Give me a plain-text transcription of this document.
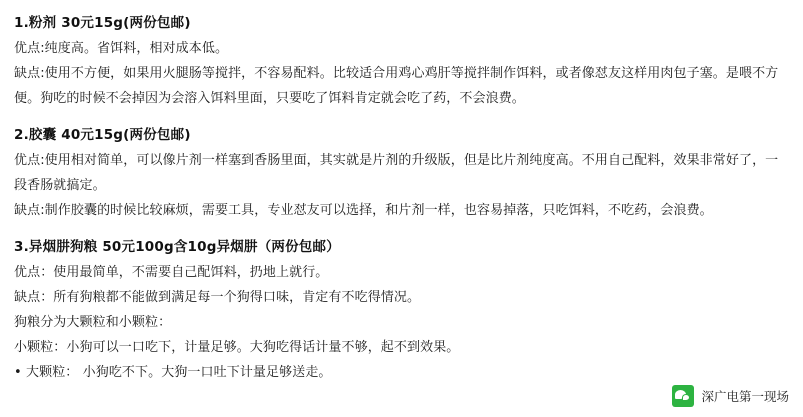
1.粉剂 30元15g(两份包邮)
优点:纯度高。省饵料，相对成本低。
缺点:使用不方便，如果用火腿肠等搅拌，不容易配料。比较适合用鸡心鸡肝等搅拌制作饵料，或者像怼友这样用肉包子塞。是喂不方便。狗吃的时候不会掉因为会溶入饵料里面，只要吃了饵料肯定就会吃了药，不会浪费。
2.胶囊 40元15g(两份包邮)
优点:使用相对简单，可以像片剂一样塞到香肠里面，其实就是片剂的升级版，但是比片剂纯度高。不用自己配料，效果非常好了，一段香肠就搞定。
缺点:制作胶囊的时候比较麻烦，需要工具，专业怼友可以选择，和片剂一样，也容易掉落，只吃饵料，不吃药，会浪费。
3.异烟肼狗粮 50元100g含10g异烟肼（两份包邮）
优点：使用最简单，不需要自己配饵料，扔地上就行。
缺点：所有狗粮都不能做到满足每一个狗得口味，肯定有不吃得情况。
狗粮分为大颗粒和小颗粒：
小颗粒：小狗可以一口吃下，计量足够。大狗吃得话计量不够，起不到效果。
• 大颗粒： 小狗吃不下。大狗一口吐下计量足够送走。
深广电第一现场
